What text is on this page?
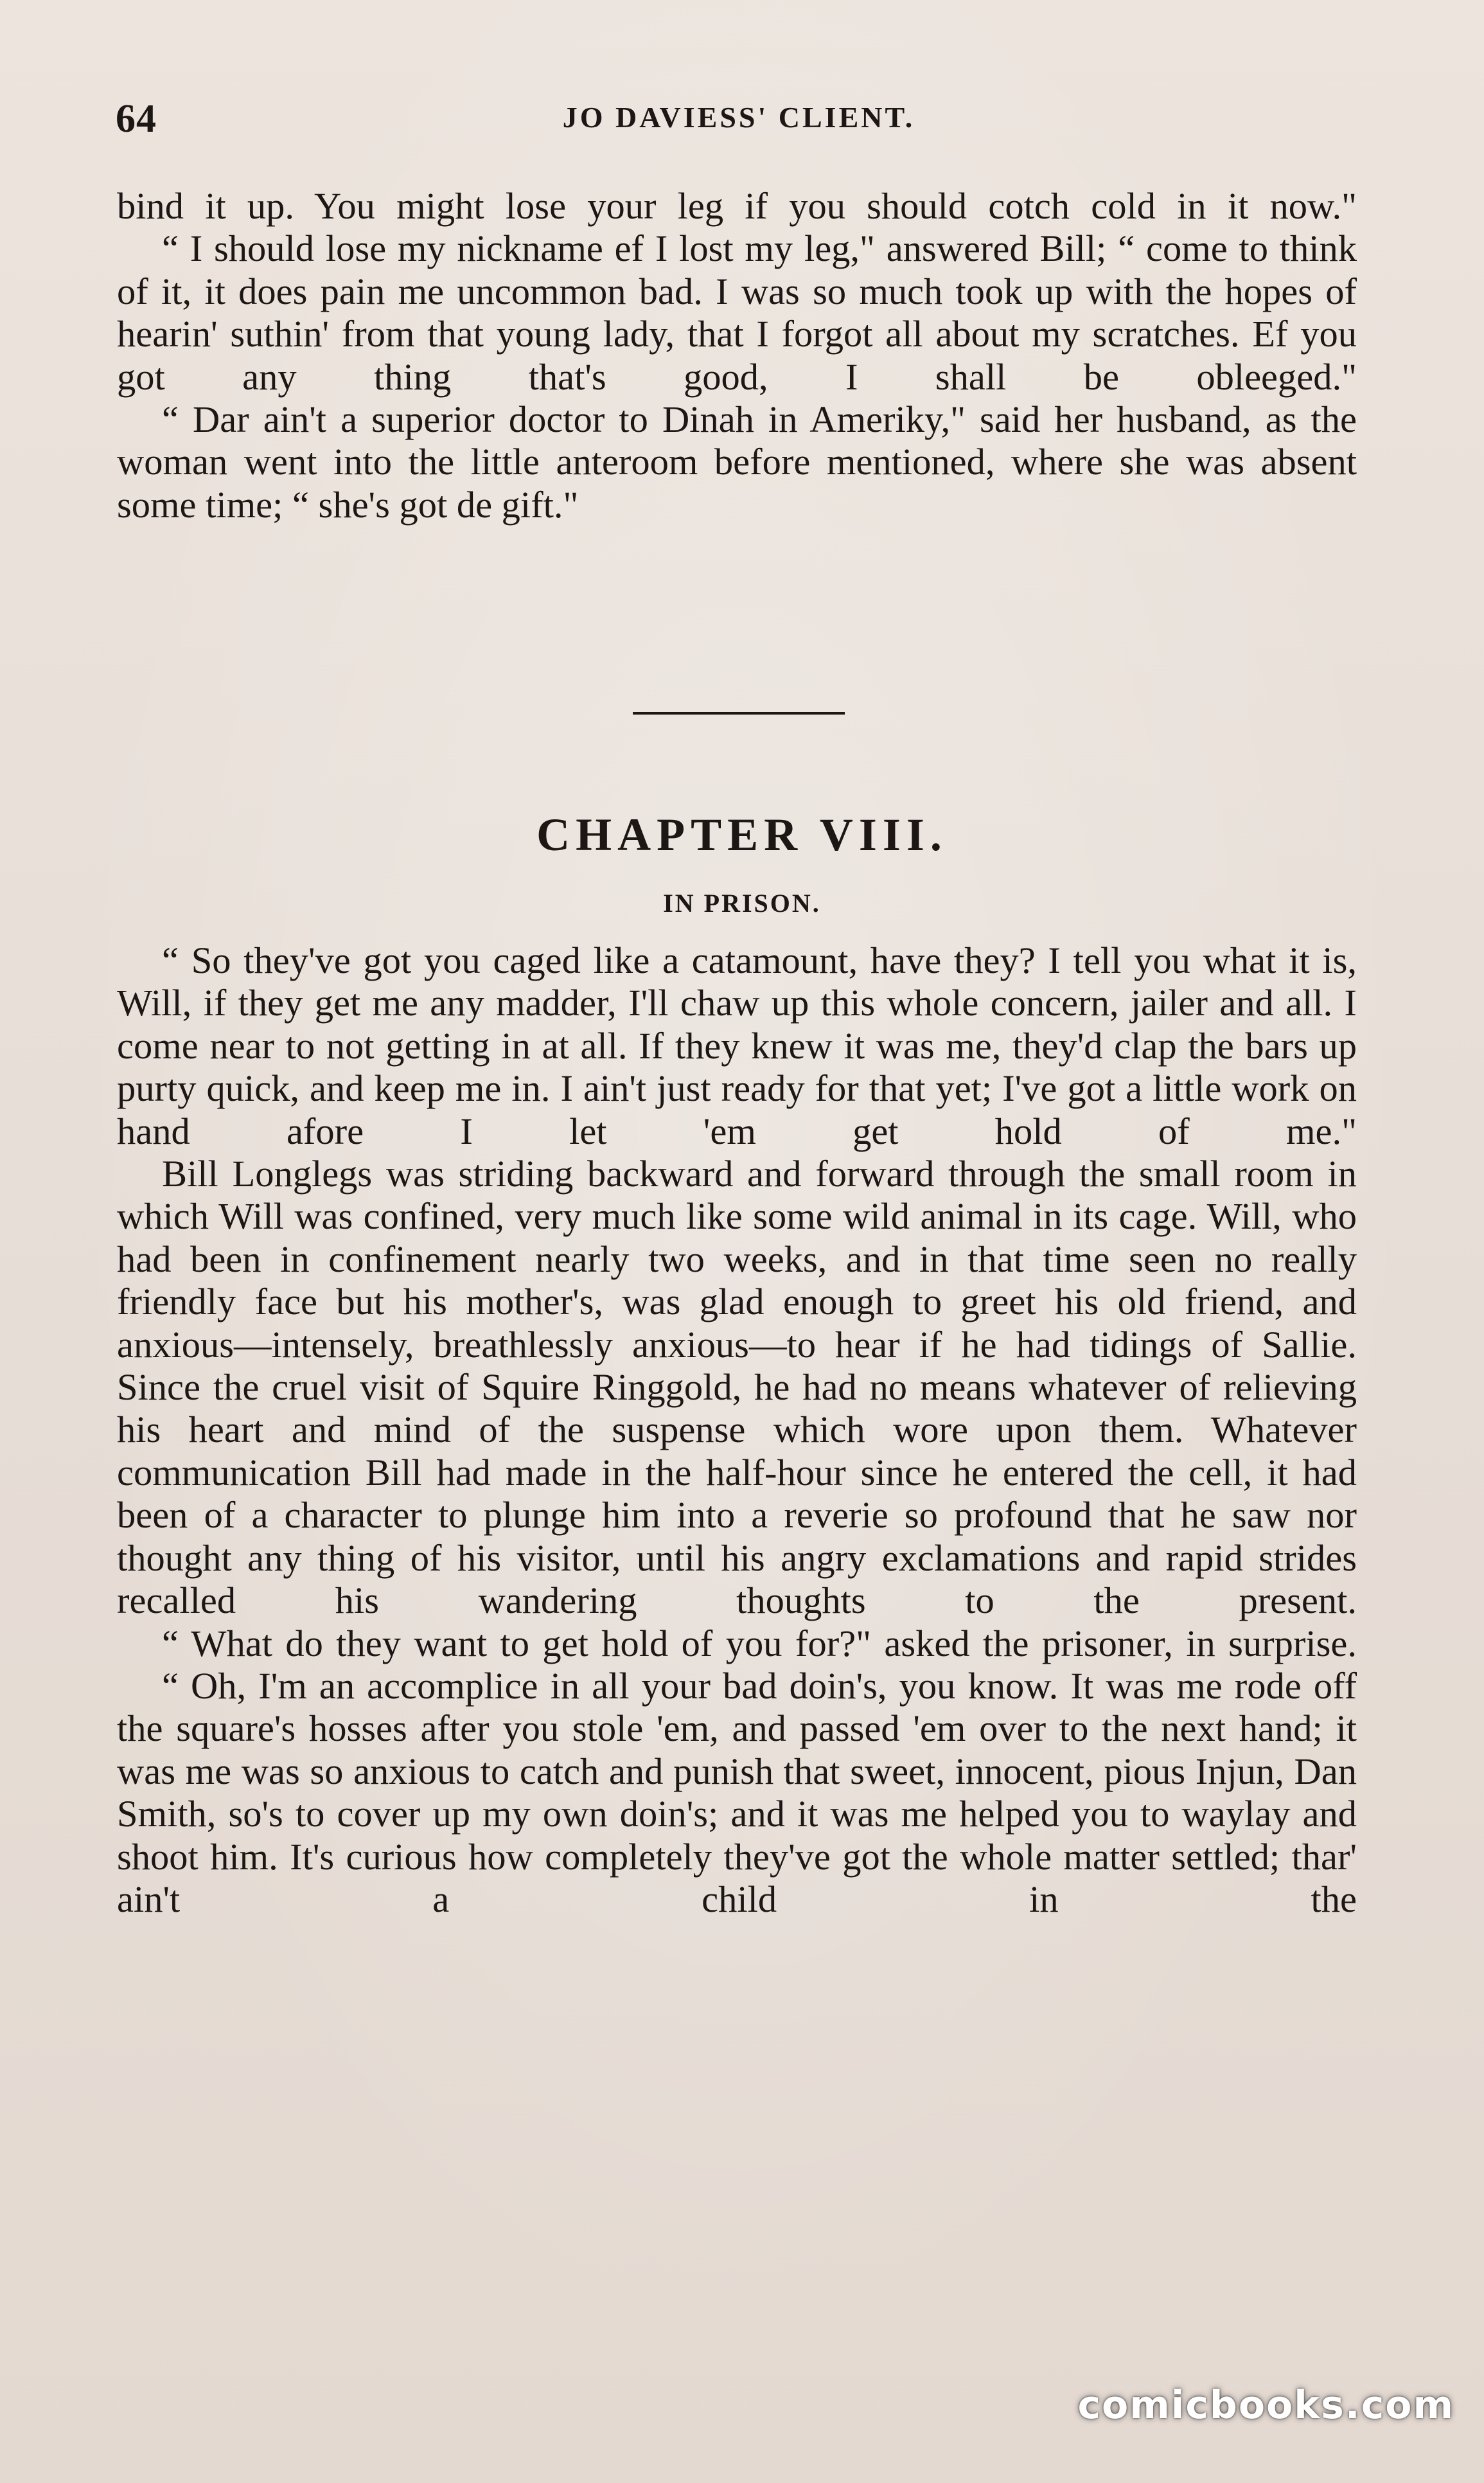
64	JO DAVIESS' CLIENT.

bind it up. You might lose your leg if you should cotch cold in it now."

“ I should lose my nickname ef I lost my leg," answered Bill; “ come to think of it, it does pain me uncommon bad. I was so much took up with the hopes of hearin' suthin' from that young lady, that I forgot all about my scratches. Ef you got any thing that's good, I shall be obleeged."

“ Dar ain't a superior doctor to Dinah in Ameriky," said her husband, as the woman went into the little anteroom before mentioned, where she was absent some time; “ she's got de gift."

CHAPTER VIII.
IN PRISON.

“ So they've got you caged like a catamount, have they? I tell you what it is, Will, if they get me any madder, I'll chaw up this whole concern, jailer and all. I come near to not getting in at all. If they knew it was me, they'd clap the bars up purty quick, and keep me in. I ain't just ready for that yet; I've got a little work on hand afore I let 'em get hold of me."

Bill Longlegs was striding backward and forward through the small room in which Will was confined, very much like some wild animal in its cage. Will, who had been in confinement nearly two weeks, and in that time seen no really friendly face but his mother's, was glad enough to greet his old friend, and anxious—intensely, breathlessly anxious—to hear if he had tidings of Sallie. Since the cruel visit of Squire Ringgold, he had no means whatever of relieving his heart and mind of the suspense which wore upon them. Whatever communication Bill had made in the half-hour since he entered the cell, it had been of a character to plunge him into a reverie so profound that he saw nor thought any thing of his visitor, until his angry exclamations and rapid strides recalled his wandering thoughts to the present.

“ What do they want to get hold of you for?" asked the prisoner, in surprise.

“ Oh, I'm an accomplice in all your bad doin's, you know. It was me rode off the square's hosses after you stole 'em, and passed 'em over to the next hand; it was me was so anxious to catch and punish that sweet, innocent, pious Injun, Dan Smith, so's to cover up my own doin's; and it was me helped you to waylay and shoot him. It's curious how completely they've got the whole matter settled; thar' ain't a child in the

comicbooks.com
